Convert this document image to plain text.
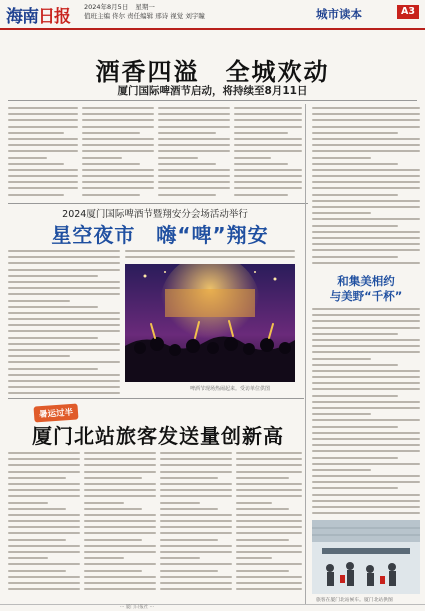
海南日报 2024年8月5日 星期一
值班主编 佟尔 责任编辑 邢诗 视觉 刘宇瞳	城市读本	A3
酒香四溢　全城欢动
厦门国际啤酒节启动，将持续至8月11日
2024厦门国际啤酒节暨翔安分会场活动举行
星空夜市　嗨“啤”翔安
啤酒节现场热闹起来。受访单位供图
和集美相约
与美野“千杯”
暑运过半
厦门北站旅客发送量创新高
旅客在厦门北站候车。厦门北站供图
··· 厦门日报社 ···
